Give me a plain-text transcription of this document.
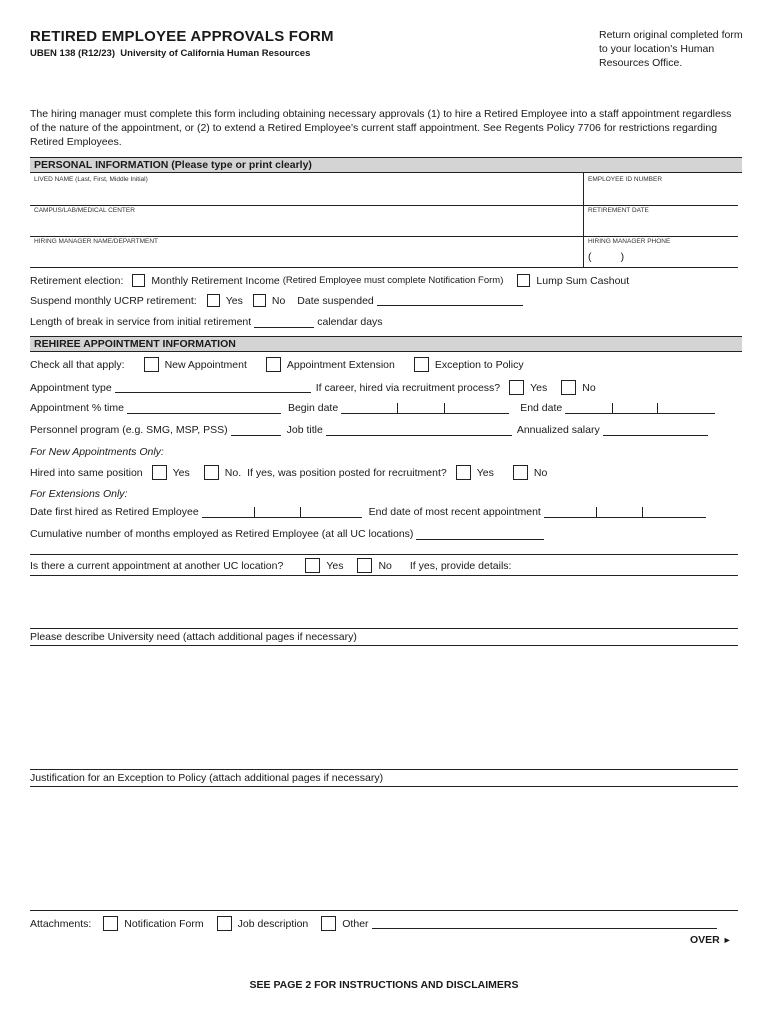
RETIRED EMPLOYEE APPROVALS FORM
UBEN 138 (R12/23) University of California Human Resources
Return original completed form to your location's Human Resources Office.
The hiring manager must complete this form including obtaining necessary approvals (1) to hire a Retired Employee into a staff appointment regardless of the nature of the appointment, or (2) to extend a Retired Employee's current staff appointment. See Regents Policy 7706 for restrictions regarding Retired Employees.
PERSONAL INFORMATION (Please type or print clearly)
LIVED NAME (Last, First, Middle Initial)	EMPLOYEE ID NUMBER
CAMPUS/LAB/MEDICAL CENTER	RETIREMENT DATE
HIRING MANAGER NAME/DEPARTMENT	HIRING MANAGER PHONE
(          )
Retirement election:	Monthly Retirement Income
(Retired Employee must complete Notification Form)	Lump Sum Cashout
Suspend monthly UCRP retirement:	Yes	No Date suspended
Length of break in service from initial retirement	calendar days
REHIREE APPOINTMENT INFORMATION
Check all that apply:	New Appointment	Appointment Extension	Exception to Policy
Appointment type	If career, hired via recruitment process?	Yes	No
Appointment % time	Begin date	End date
Personnel program (e.g. SMG, MSP, PSS)	Job title	Annualized salary
For New Appointments Only:
Hired into same position	Yes	No. If yes, was position posted for recruitment?	Yes	No
For Extensions Only:
Date first hired as Retired Employee	End date of most recent appointment
Cumulative number of months employed as Retired Employee (at all UC locations)
Is there a current appointment at another UC location?	Yes	No If yes, provide details:
Please describe University need (attach additional pages if necessary)
Justification for an Exception to Policy (attach additional pages if necessary)
Attachments:	Notification Form	Job description	Other
OVER ►
SEE PAGE 2 FOR INSTRUCTIONS AND DISCLAIMERS
